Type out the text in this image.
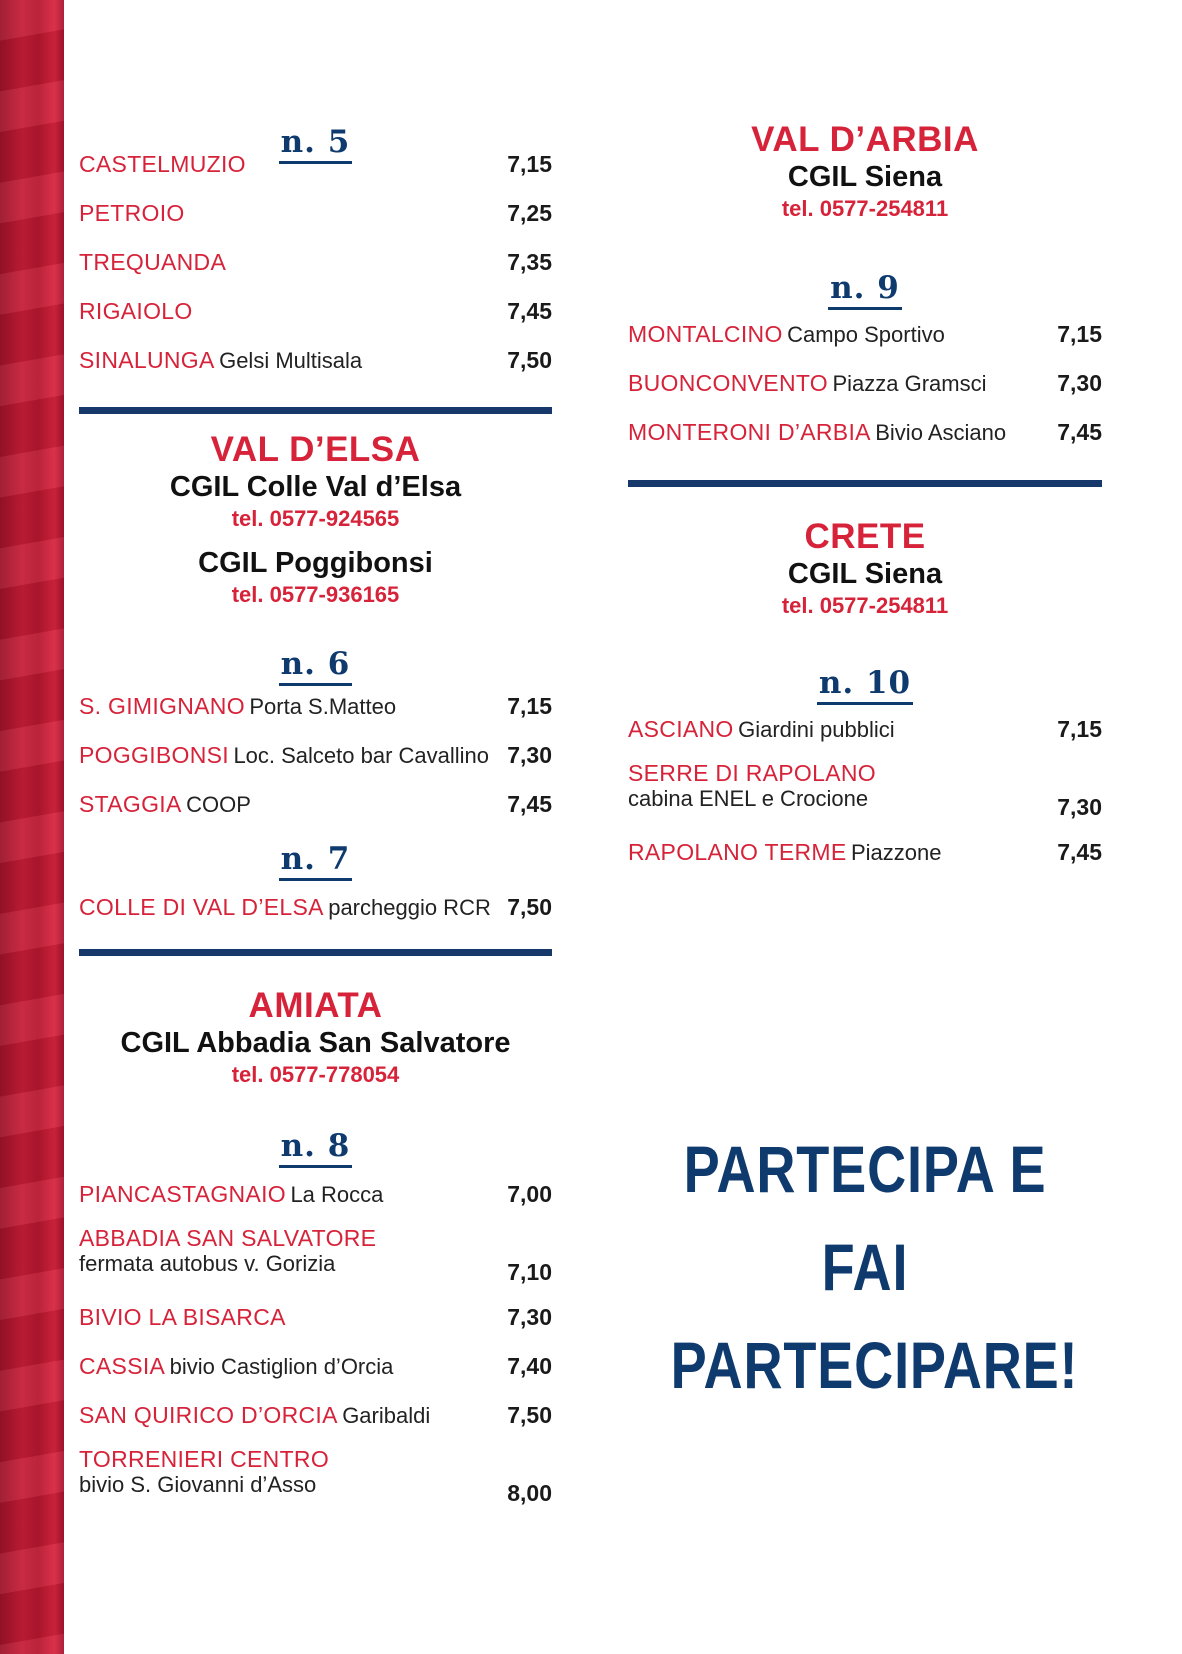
n. 5
CASTELMUZIO	7,15
PETROIO	7,25
TREQUANDA	7,35
RIGAIOLO	7,45
SINALUNGA Gelsi Multisala	7,50
VAL D’ELSA
CGIL Colle Val d’Elsa
tel. 0577-924565
CGIL Poggibonsi
tel. 0577-936165
n. 6
S. GIMIGNANO Porta S.Matteo	7,15
POGGIBONSI Loc. Salceto bar Cavallino 7,30
STAGGIA COOP	7,45
n. 7
COLLE DI VAL D’ELSA parcheggio RCR 7,50
AMIATA
CGIL Abbadia San Salvatore
tel. 0577-778054
n. 8
PIANCASTAGNAIO La Rocca	7,00
ABBADIA SAN SALVATORE
fermata autobus v. Gorizia	7,10
BIVIO LA BISARCA	7,30
CASSIA bivio Castiglion d’Orcia	7,40
SAN QUIRICO D’ORCIA Garibaldi	7,50
TORRENIERI CENTRO
bivio S. Giovanni d’Asso	8,00
VAL D’ARBIA
CGIL Siena
tel. 0577-254811
n. 9
MONTALCINO Campo Sportivo	7,15
BUONCONVENTO Piazza Gramsci	7,30
MONTERONI D’ARBIA Bivio Asciano 7,45
CRETE
CGIL Siena
tel. 0577-254811
n. 10
ASCIANO Giardini pubblici	7,15
SERRE DI RAPOLANO
cabina ENEL e Crocione	7,30
RAPOLANO TERME Piazzone	7,45
PARTECIPA E FAI
PARTECIPARE!
